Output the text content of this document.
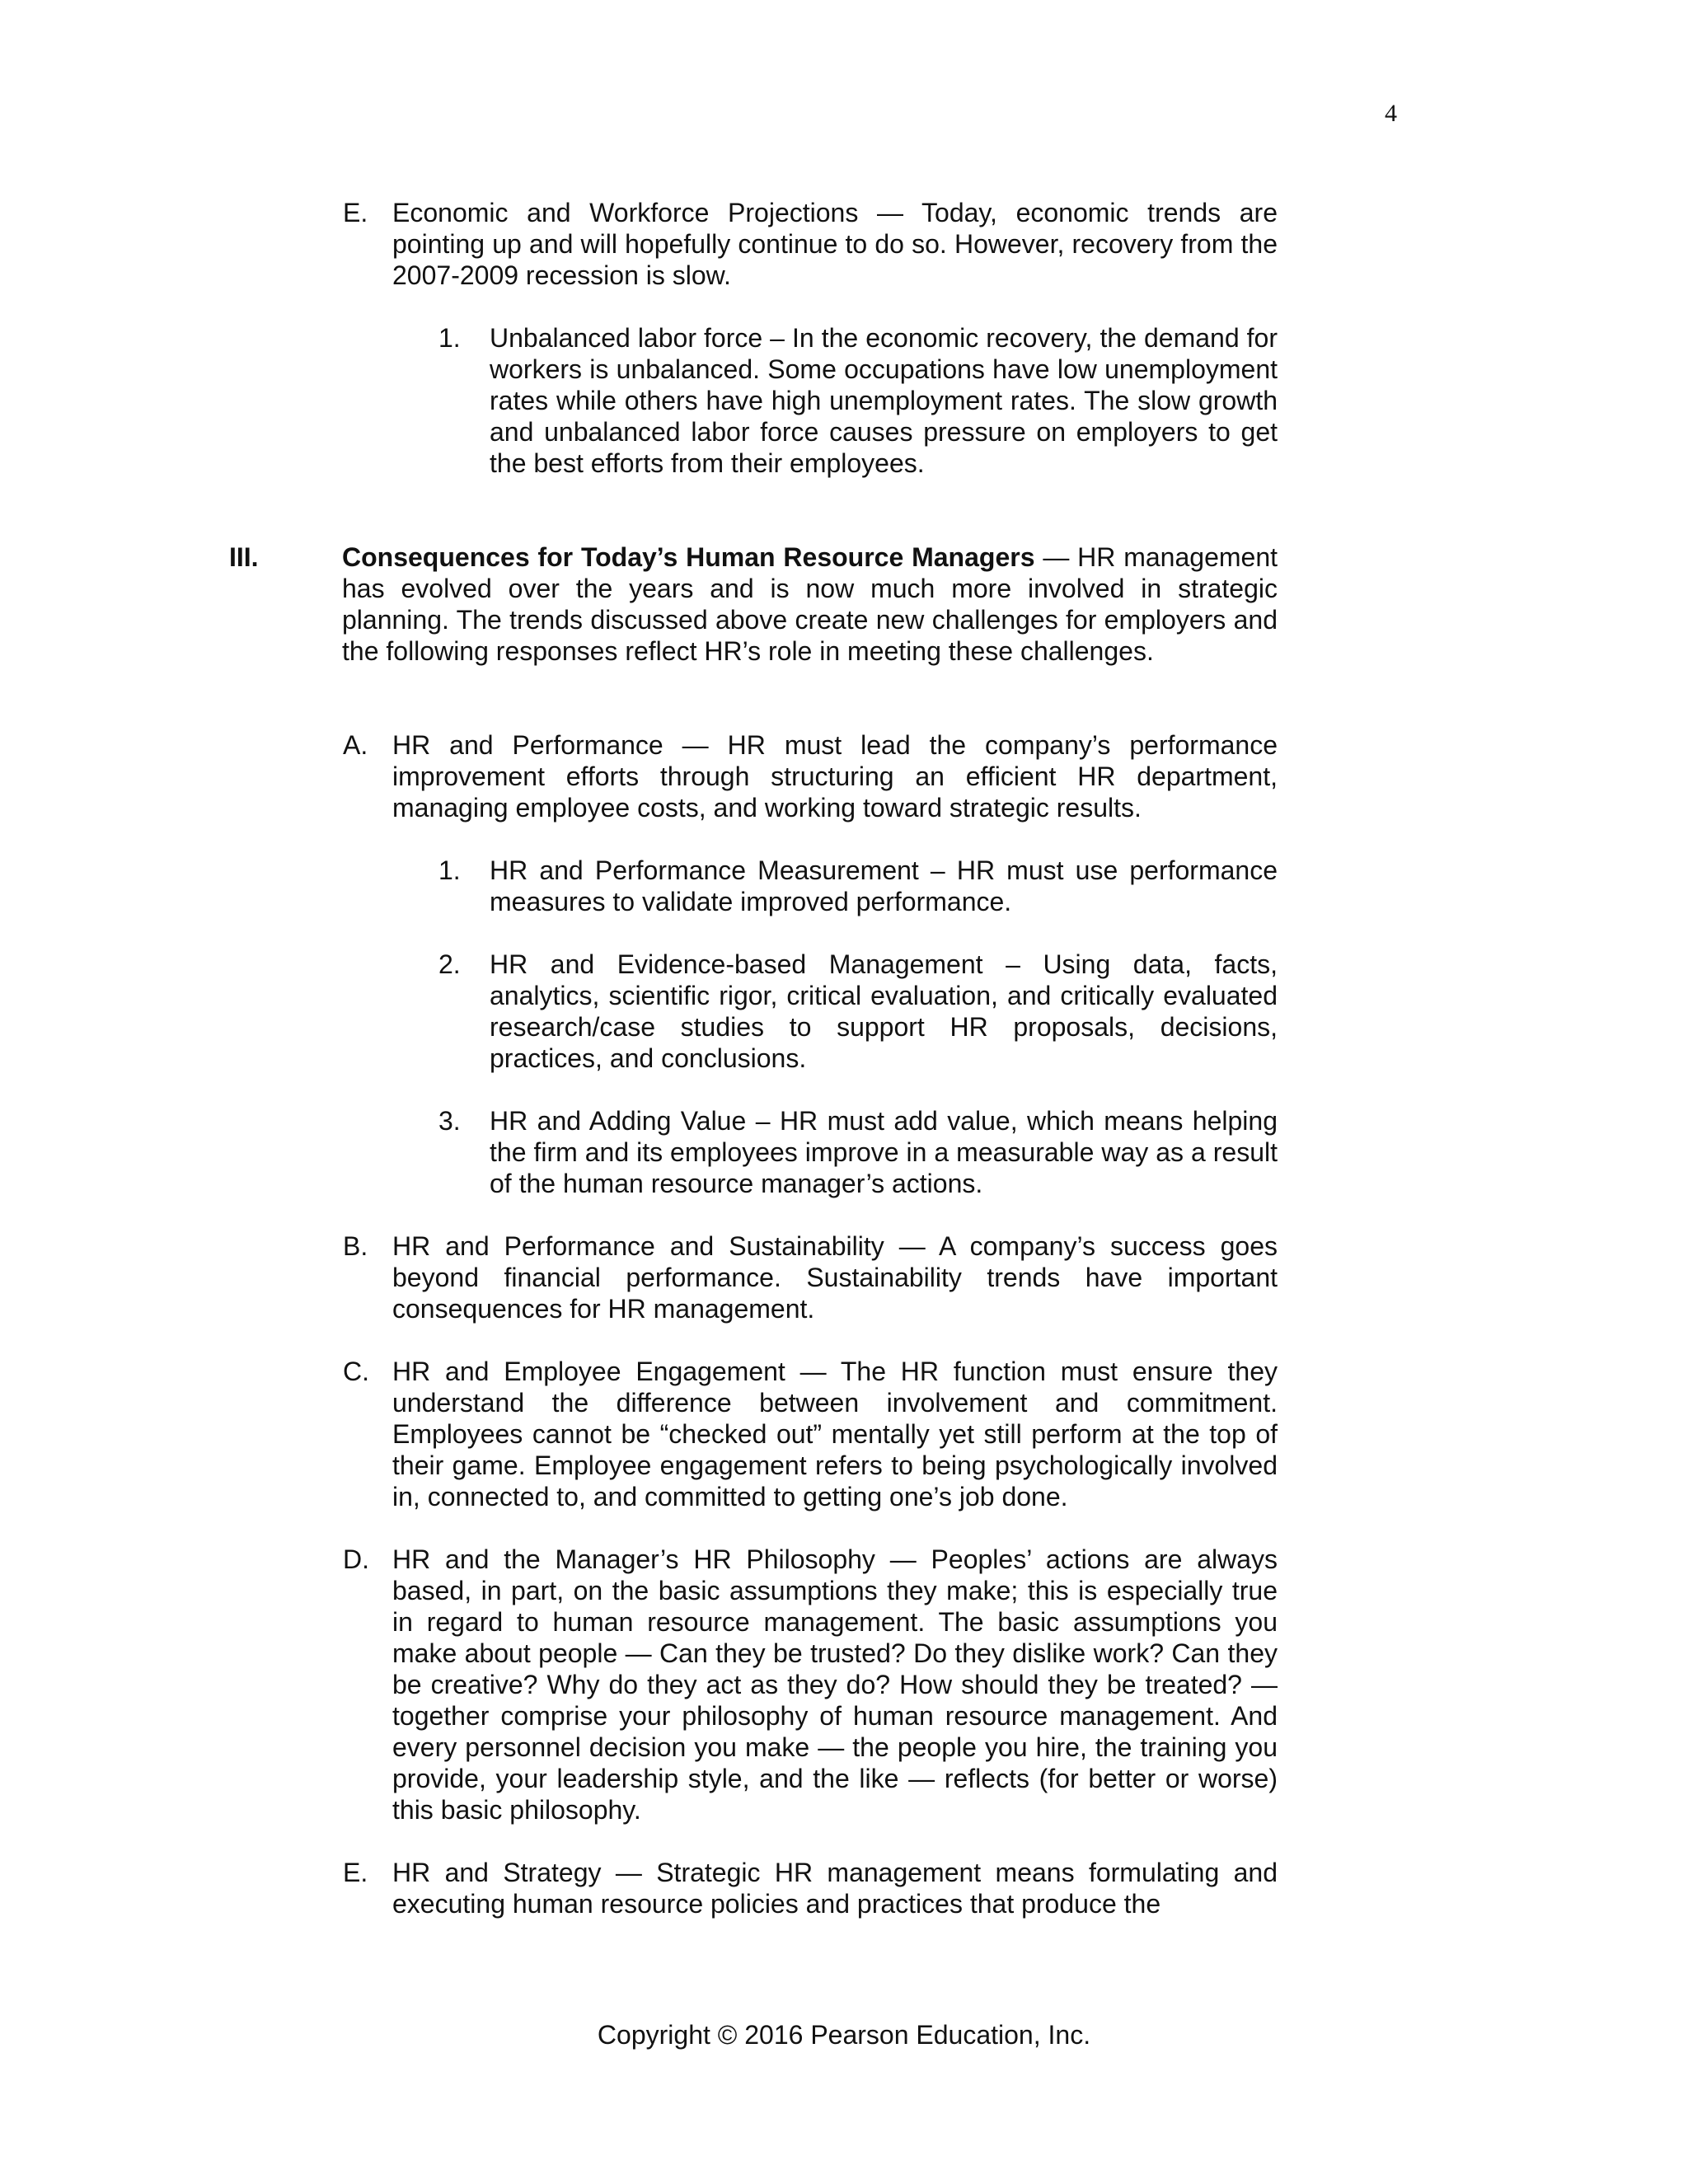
4
E. Economic and Workforce Projections — Today, economic trends are pointing up and will hopefully continue to do so. However, recovery from the 2007-2009 recession is slow.
1. Unbalanced labor force – In the economic recovery, the demand for workers is unbalanced. Some occupations have low unemployment rates while others have high unemployment rates. The slow growth and unbalanced labor force causes pressure on employers to get the best efforts from their employees.
III.	Consequences for Today’s Human Resource Managers — HR management has evolved over the years and is now much more involved in strategic planning. The trends discussed above create new challenges for employers and the following responses reflect HR’s role in meeting these challenges.
A. HR and Performance — HR must lead the company’s performance improvement efforts through structuring an efficient HR department, managing employee costs, and working toward strategic results.
1. HR and Performance Measurement – HR must use performance measures to validate improved performance.
2. HR and Evidence-based Management – Using data, facts, analytics, scientific rigor, critical evaluation, and critically evaluated research/case studies to support HR proposals, decisions, practices, and conclusions.
3. HR and Adding Value – HR must add value, which means helping the firm and its employees improve in a measurable way as a result of the human resource manager’s actions.
B. HR and Performance and Sustainability — A company’s success goes beyond financial performance. Sustainability trends have important consequences for HR management.
C. HR and Employee Engagement — The HR function must ensure they understand the difference between involvement and commitment. Employees cannot be “checked out” mentally yet still perform at the top of their game. Employee engagement refers to being psychologically involved in, connected to, and committed to getting one’s job done.
D. HR and the Manager’s HR Philosophy — Peoples’ actions are always based, in part, on the basic assumptions they make; this is especially true in regard to human resource management. The basic assumptions you make about people — Can they be trusted? Do they dislike work? Can they be creative? Why do they act as they do? How should they be treated? — together comprise your philosophy of human resource management. And every personnel decision you make — the people you hire, the training you provide, your leadership style, and the like — reflects (for better or worse) this basic philosophy.
E. HR and Strategy — Strategic HR management means formulating and executing human resource policies and practices that produce the
Copyright © 2016 Pearson Education, Inc.
